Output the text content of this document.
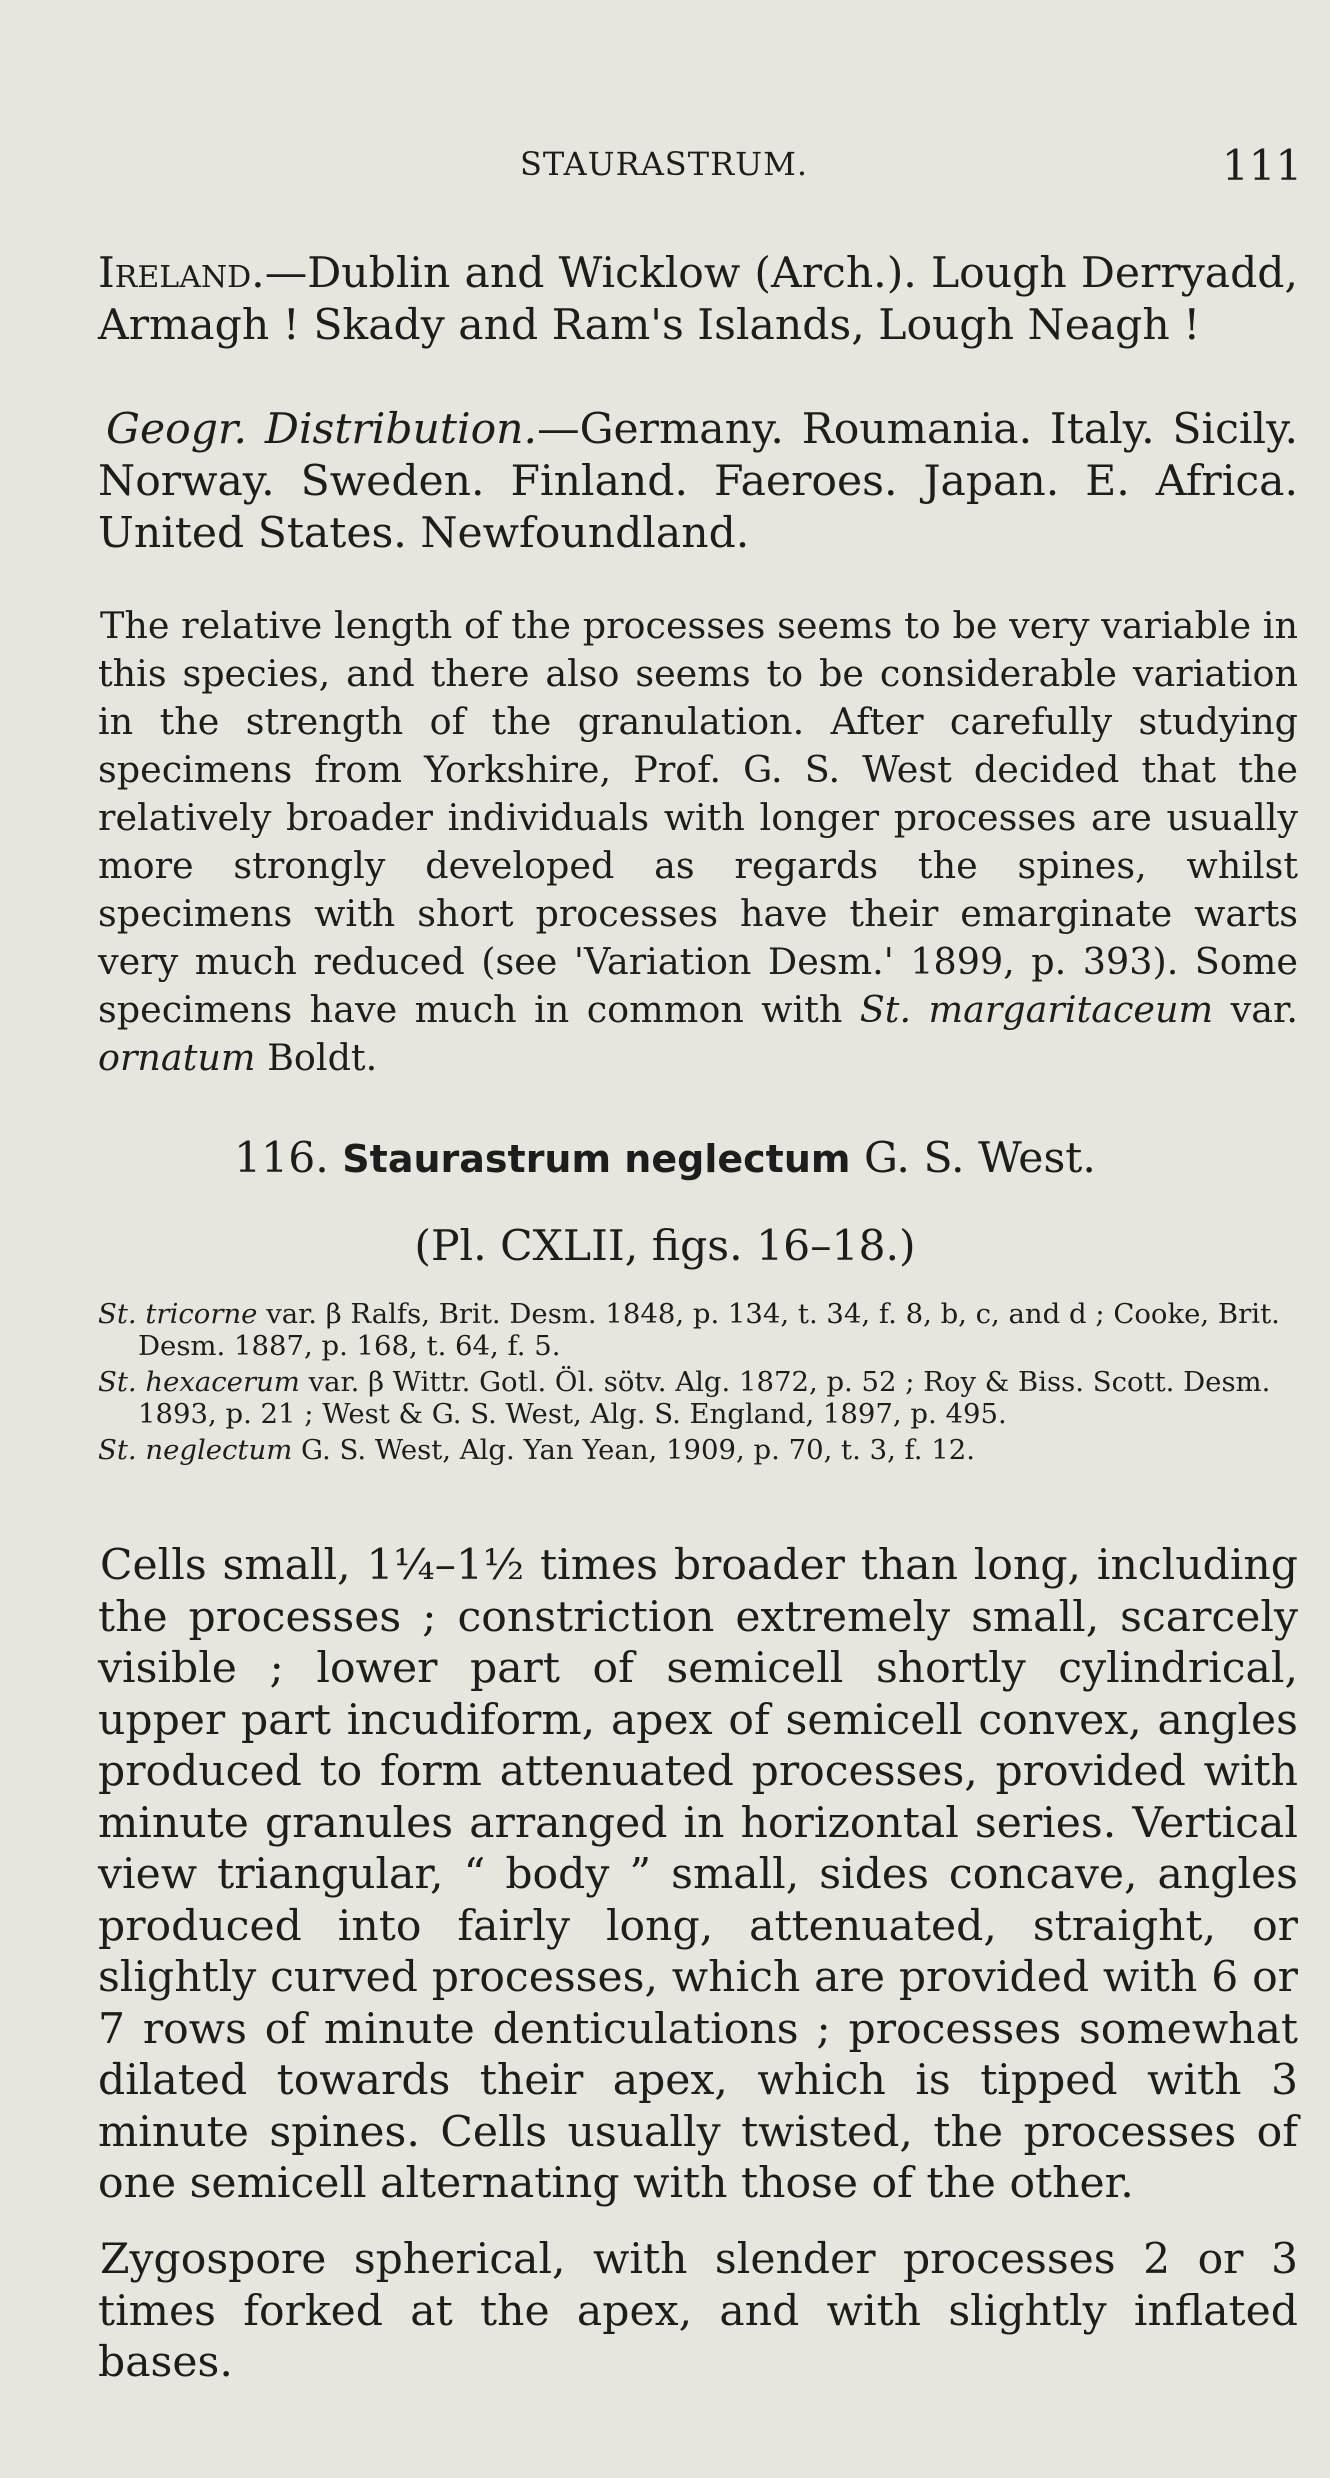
STAURASTRUM.	111
Ireland.—Dublin and Wicklow (Arch.). Lough Derryadd, Armagh ! Skady and Ram's Islands, Lough Neagh !
Geogr. Distribution.—Germany. Roumania. Italy. Sicily. Norway. Sweden. Finland. Faeroes. Japan. E. Africa. United States. Newfoundland.
The relative length of the processes seems to be very variable in this species, and there also seems to be considerable variation in the strength of the granulation. After carefully studying specimens from Yorkshire, Prof. G. S. West decided that the relatively broader individuals with longer processes are usually more strongly developed as regards the spines, whilst specimens with short processes have their emarginate warts very much reduced (see 'Variation Desm.' 1899, p. 393). Some specimens have much in common with St. margaritaceum var. ornatum Boldt.
116. Staurastrum neglectum G. S. West.
(Pl. CXLII, figs. 16–18.)
St. tricorne var. β Ralfs, Brit. Desm. 1848, p. 134, t. 34, f. 8, b, c, and d ; Cooke, Brit. Desm. 1887, p. 168, t. 64, f. 5.
St. hexacerum var. β Wittr. Gotl. Öl. sötv. Alg. 1872, p. 52 ; Roy & Biss. Scott. Desm. 1893, p. 21 ; West & G. S. West, Alg. S. England, 1897, p. 495.
St. neglectum G. S. West, Alg. Yan Yean, 1909, p. 70, t. 3, f. 12.
Cells small, 1¼–1½ times broader than long, including the processes ; constriction extremely small, scarcely visible ; lower part of semicell shortly cylindrical, upper part incudiform, apex of semicell convex, angles produced to form attenuated processes, provided with minute granules arranged in horizontal series. Vertical view triangular, “ body ” small, sides concave, angles produced into fairly long, attenuated, straight, or slightly curved processes, which are provided with 6 or 7 rows of minute denticulations ; processes somewhat dilated towards their apex, which is tipped with 3 minute spines. Cells usually twisted, the processes of one semicell alternating with those of the other.
Zygospore spherical, with slender processes 2 or 3 times forked at the apex, and with slightly inflated bases.
